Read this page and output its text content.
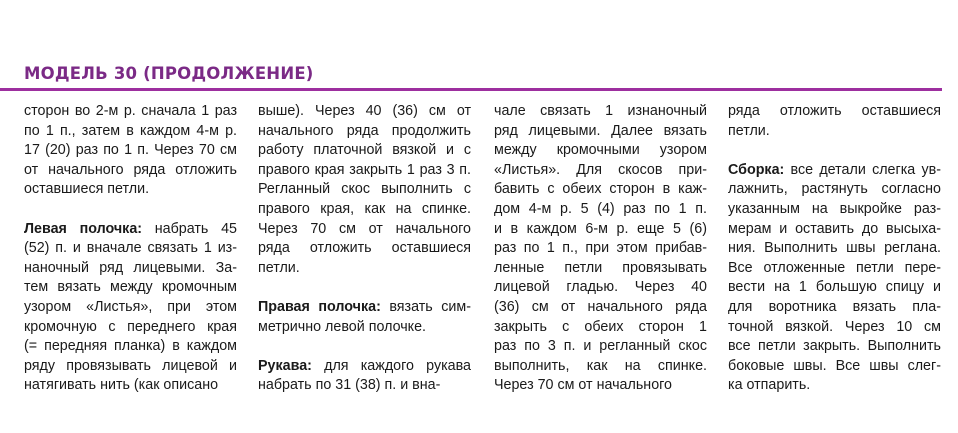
МОДЕЛЬ 30 (ПРОДОЛЖЕНИЕ)

сторон во 2-м р. сначала 1 раз
по 1 п., затем в каждом 4-м р.
17 (20) раз по 1 п. Через 70 см
от начального ряда отложить
оставшиеся петли.

Левая полочка: набрать 45
(52) п. и вначале связать 1 из-
наночный ряд лицевыми. За-
тем вязать между кромочным
узором «Листья», при этом
кромочную с переднего края
(= передняя планка) в каждом
ряду провязывать лицевой и
натягивать нить (как описано

выше). Через 40 (36) см от
начального ряда продолжить
работу платочной вязкой и с
правого края закрыть 1 раз 3 п.
Регланный скос выполнить с
правого края, как на спинке.
Через 70 см от начального
ряда отложить оставшиеся
петли.

Правая полочка: вязать сим-
метрично левой полочке.

Рукава: для каждого рукава
набрать по 31 (38) п. и вна-

чале связать 1 изнаночный
ряд лицевыми. Далее вязать
между кромочными узором
«Листья». Для скосов при-
бавить с обеих сторон в каж-
дом 4-м р. 5 (4) раз по 1 п.
и в каждом 6-м р. еще 5 (6)
раз по 1 п., при этом прибав-
ленные петли провязывать
лицевой гладью. Через 40
(36) см от начального ряда
закрыть с обеих сторон 1
раз по 3 п. и регланный скос
выполнить, как на спинке.
Через 70 см от начального

ряда отложить оставшиеся
петли.

Сборка: все детали слегка ув-
лажнить, растянуть согласно
указанным на выкройке раз-
мерам и оставить до высыха-
ния. Выполнить швы реглана.
Все отложенные петли пере-
вести на 1 большую спицу и
для воротника вязать пла-
точной вязкой. Через 10 см
все петли закрыть. Выполнить
боковые швы. Все швы слег-
ка отпарить.
